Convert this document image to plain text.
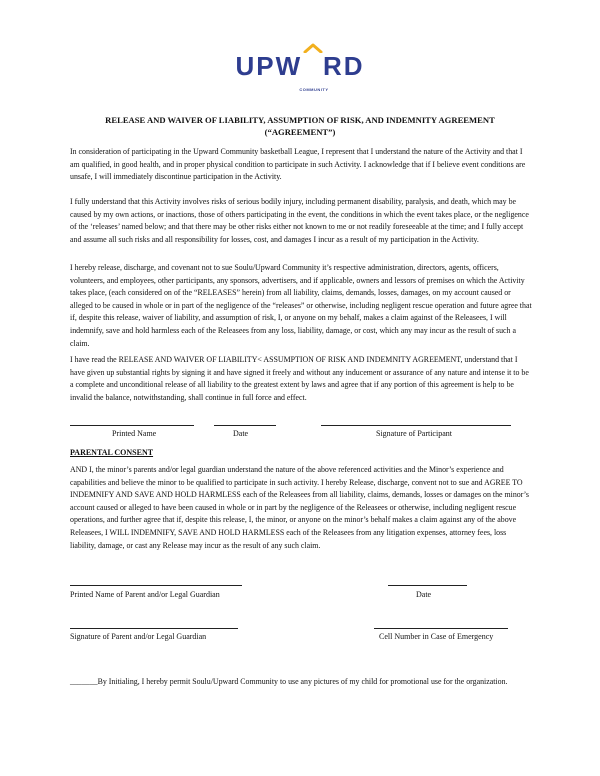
UPW RD
COMMUNITY
RELEASE AND WAIVER OF LIABILITY, ASSUMPTION OF RISK, AND INDEMNITY AGREEMENT
(“AGREEMENT”)

In consideration of participating in the Upward Community basketball League, I represent that I understand the nature of the Activity and that I am qualified, in good health, and in proper physical condition to participate in such Activity. I acknowledge that if I believe event conditions are unsafe, I will immediately discontinue participation in the Activity.

I fully understand that this Activity involves risks of serious bodily injury, including permanent disability, paralysis, and death, which may be caused by my own actions, or inactions, those of others participating in the event, the conditions in which the event takes place, or the negligence of the ‘releases’ named below; and that there may be other risks either not known to me or not readily foreseeable at the time; and I fully accept and assume all such risks and all responsibility for losses, cost, and damages I incur as a result of my participation in the Activity.

I hereby release, discharge, and covenant not to sue Soulu/Upward Community it’s respective administration, directors, agents, officers, volunteers, and employees, other participants, any sponsors, advertisers, and if applicable, owners and lessors of premises on which the Activity takes place, (each considered on of the “RELEASES” herein) from all liability, claims, demands, losses, damages, on my account caused or alleged to be caused in whole or in part of the negligence of the “releases” or otherwise, including negligent rescue operation and future agree that if, despite this release, waiver of liability, and assumption of risk, I, or anyone on my behalf, makes a claim against of the Releasees, I will indemnify, save and hold harmless each of the Releasees from any loss, liability, damage, or cost, which any may incur as the result of such a claim.

I have read the RELEASE AND WAIVER OF LIABILITY< ASSUMPTION OF RISK AND INDEMNITY AGREEMENT, understand that I have given up substantial rights by signing it and have signed it freely and without any inducement or assurance of any nature and intense it to be a complete and unconditional release of all liability to the greatest extent by laws and agree that if any portion of this agreement is help to be invalid the balance, notwithstanding, shall continue in full force and effect.

Printed Name	Date	Signature of Participant
PARENTAL CONSENT

AND I, the minor’s parents and/or legal guardian understand the nature of the above referenced activities and the Minor’s experience and capabilities and believe the minor to be qualified to participate in such activity. I hereby Release, discharge, convent not to sue and AGREE TO INDEMNIFY AND SAVE AND HOLD HARMLESS each of the Releasees from all liability, claims, demands, losses or damages on the minor’s account caused or alleged to have been caused in whole or in part by the negligence of the Releasees or otherwise, including negligent rescue operations, and further agree that if, despite this release, I, the minor, or anyone on the minor’s behalf makes a claim against any of the above Releasees, I WILL INDEMNIFY, SAVE AND HOLD HARMLESS each of the Releasees from any litigation expenses, attorney fees, loss liability, damage, or cast any Release may incur as the result of any such claim.

Printed Name of Parent and/or Legal Guardian	Date
Signature of Parent and/or Legal Guardian	Cell Number in Case of Emergency

_______By Initialing, I hereby permit Soulu/Upward Community to use any pictures of my child for promotional use for the organization.
